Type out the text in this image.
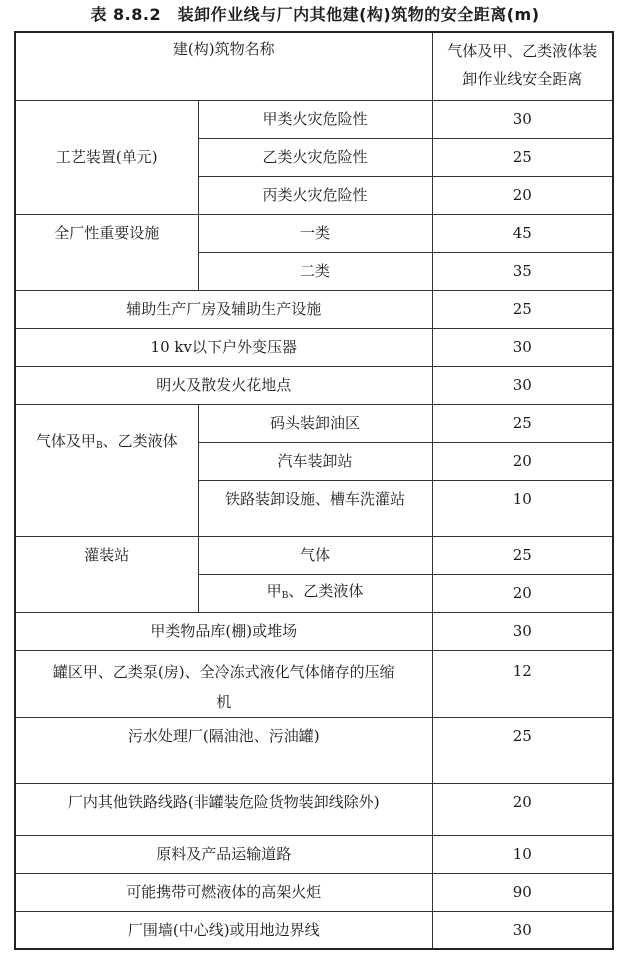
表 8.8.2　装卸作业线与厂内其他建(构)筑物的安全距离(m)
建(构)筑物名称		气体及甲、乙类液体装
卸作业线安全距离

工艺装置(单元)	甲类火灾危险性	30
	乙类火灾危险性	25
	丙类火灾危险性	20
全厂性重要设施	一类	45
	二类	35
辅助生产厂房及辅助生产设施		25
10 kv以下户外变压器		30
明火及散发火花地点		30
气体及甲$_B$、乙类液体	码头装卸油区	25
	汽车装卸站	20
	铁路装卸设施、槽车洗灌站	10
灌装站	气体	25
	甲$_B$、乙类液体	20
甲类物品库(棚)或堆场		30

罐区甲、乙类泵(房)、全冷冻式液化气体储存的压缩
机		12
污水处理厂(隔油池、污油罐)		25
厂内其他铁路线路(非罐装危险货物装卸线除外)		20
原料及产品运输道路		10
可能携带可燃液体的高架火炬		90
厂围墙(中心线)或用地边界线		30
